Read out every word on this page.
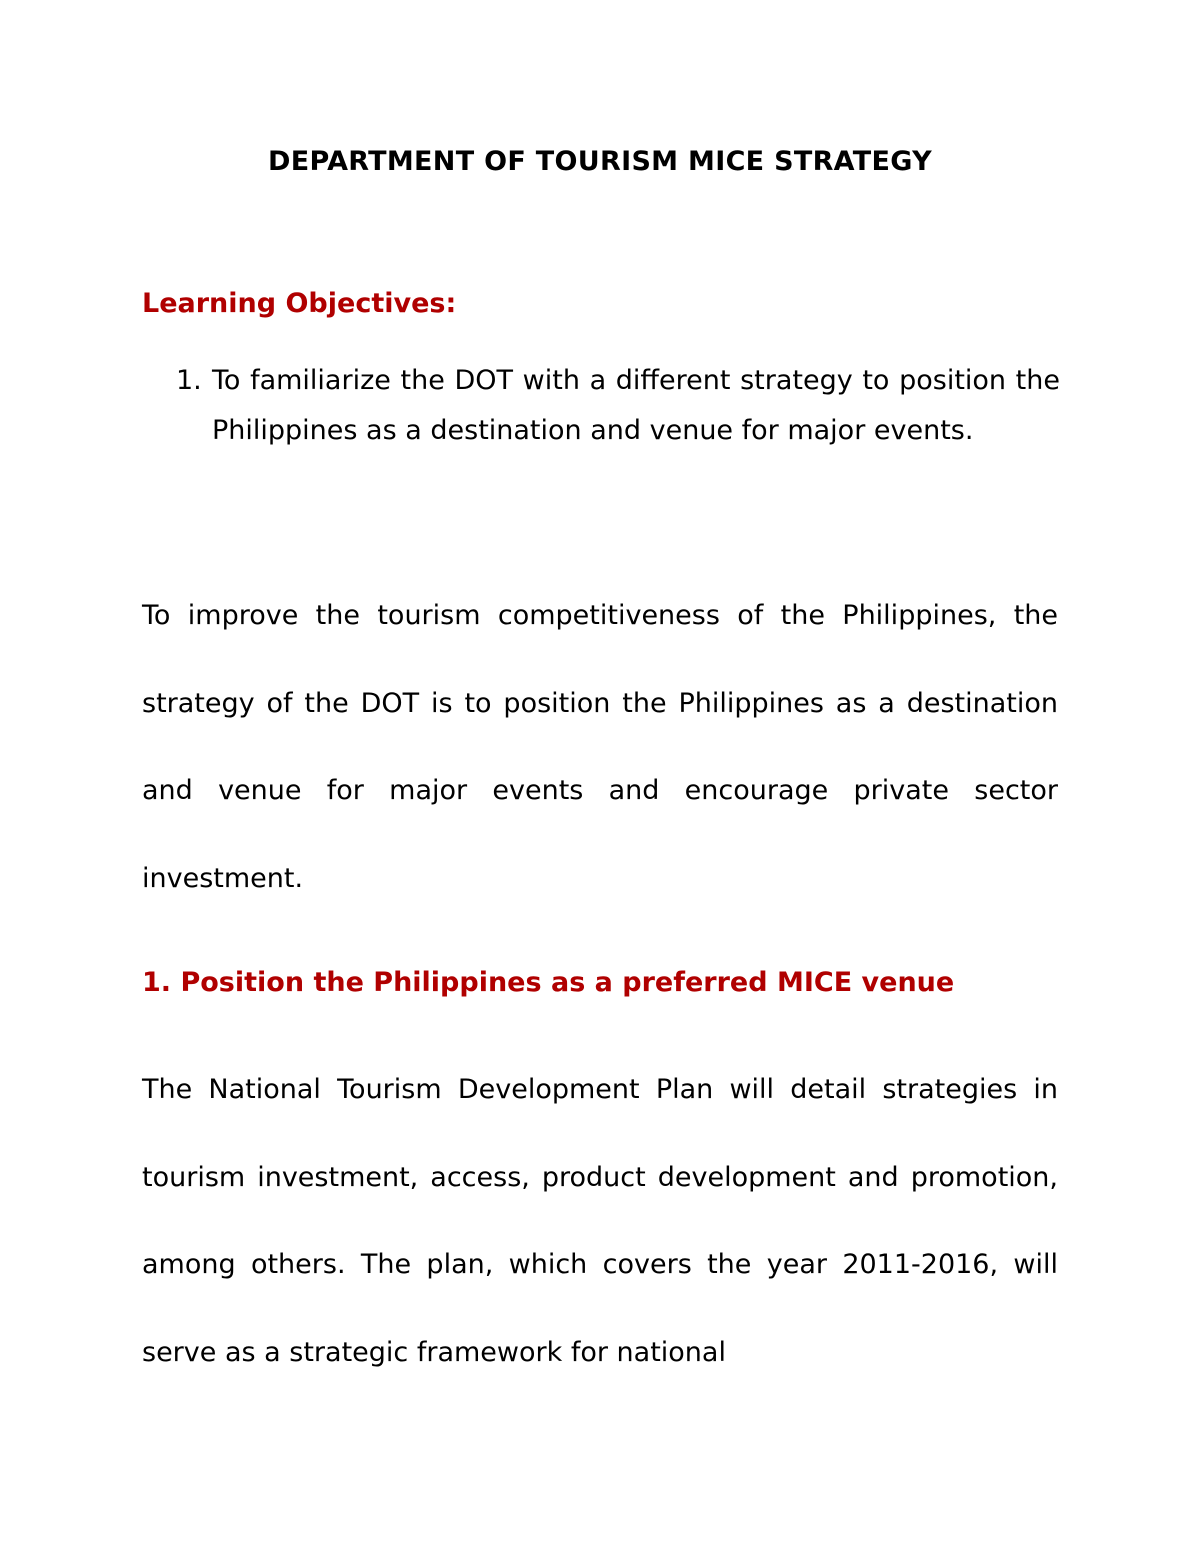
DEPARTMENT OF TOURISM MICE STRATEGY
Learning Objectives:
1. To familiarize the DOT with a different strategy to position the Philippines as a destination and venue for major events.

To improve the tourism competitiveness of the Philippines, the strategy of the DOT is to position the Philippines as a destination and venue for major events and encourage private sector investment.

1. Position the Philippines as a preferred MICE venue

The National Tourism Development Plan will detail strategies in tourism investment, access, product development and promotion, among others. The plan, which covers the year 2011-2016, will serve as a strategic framework for national
